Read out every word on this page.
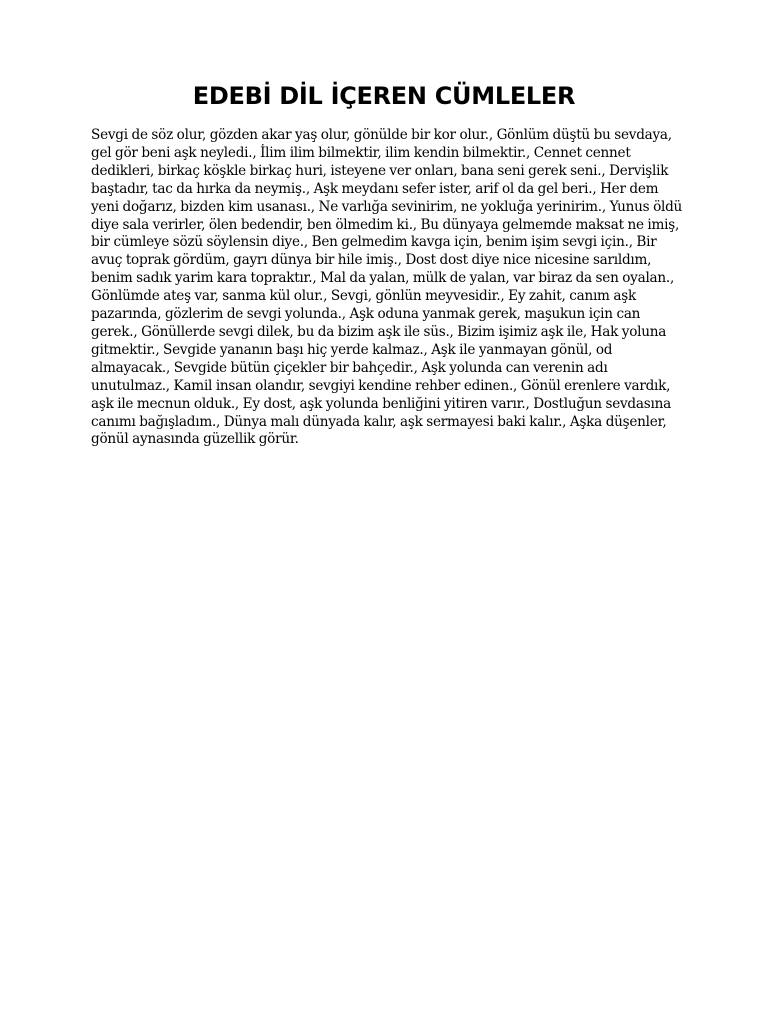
EDEBİ DİL İÇEREN CÜMLELER

Sevgi de söz olur, gözden akar yaş olur, gönülde bir kor olur., Gönlüm düştü bu sevdaya, gel gör beni aşk neyledi., İlim ilim bilmektir, ilim kendin bilmektir., Cennet cennet dedikleri, birkaç köşkle birkaç huri, isteyene ver onları, bana seni gerek seni., Dervişlik baştadır, tac da hırka da neymiş., Aşk meydanı sefer ister, arif ol da gel beri., Her dem yeni doğarız, bizden kim usanası., Ne varlığa sevinirim, ne yokluğa yerinirim., Yunus öldü diye sala verirler, ölen bedendir, ben ölmedim ki., Bu dünyaya gelmemde maksat ne imiş, bir cümleye sözü söylensin diye., Ben gelmedim kavga için, benim işim sevgi için., Bir avuç toprak gördüm, gayrı dünya bir hile imiş., Dost dost diye nice nicesine sarıldım, benim sadık yarim kara topraktır., Mal da yalan, mülk de yalan, var biraz da sen oyalan., Gönlümde ateş var, sanma kül olur., Sevgi, gönlün meyvesidir., Ey zahit, canım aşk pazarında, gözlerim de sevgi yolunda., Aşk oduna yanmak gerek, maşukun için can gerek., Gönüllerde sevgi dilek, bu da bizim aşk ile süs., Bizim işimiz aşk ile, Hak yoluna gitmektir., Sevgide yananın başı hiç yerde kalmaz., Aşk ile yanmayan gönül, od almayacak., Sevgide bütün çiçekler bir bahçedir., Aşk yolunda can verenin adı unutulmaz., Kamil insan olandır, sevgiyi kendine rehber edinen., Gönül erenlere vardık, aşk ile mecnun olduk., Ey dost, aşk yolunda benliğini yitiren varır., Dostluğun sevdasına canımı bağışladım., Dünya malı dünyada kalır, aşk sermayesi baki kalır., Aşka düşenler, gönül aynasında güzellik görür.
